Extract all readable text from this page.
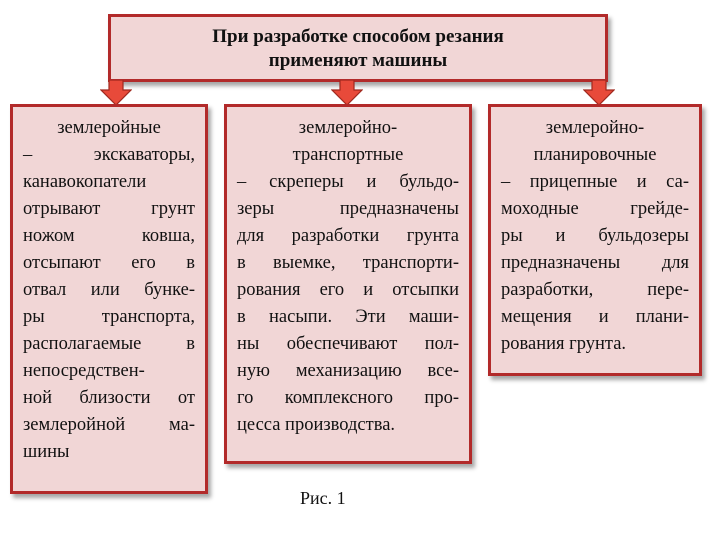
При разработке способом резания
применяют машины
землеройные
– экскаваторы,
канавокопатели
отрывают грунт
ножом ковша,
отсыпают его в
отвал или бунке-
ры транспорта,
располагаемые в
непосредствен-
ной близости от
землеройной ма-
шины
землеройно-
транспортные
– скреперы и бульдо-
зеры предназначены
для разработки грунта
в выемке, транспорти-
рования его и отсыпки
в насыпи. Эти маши-
ны обеспечивают пол-
ную механизацию все-
го комплексного про-
цесса производства.
землеройно-
планировочные
– прицепные и са-
моходные грейде-
ры и бульдозеры
предназначены для
разработки, пере-
мещения и плани-
рования грунта.
Рис. 1
